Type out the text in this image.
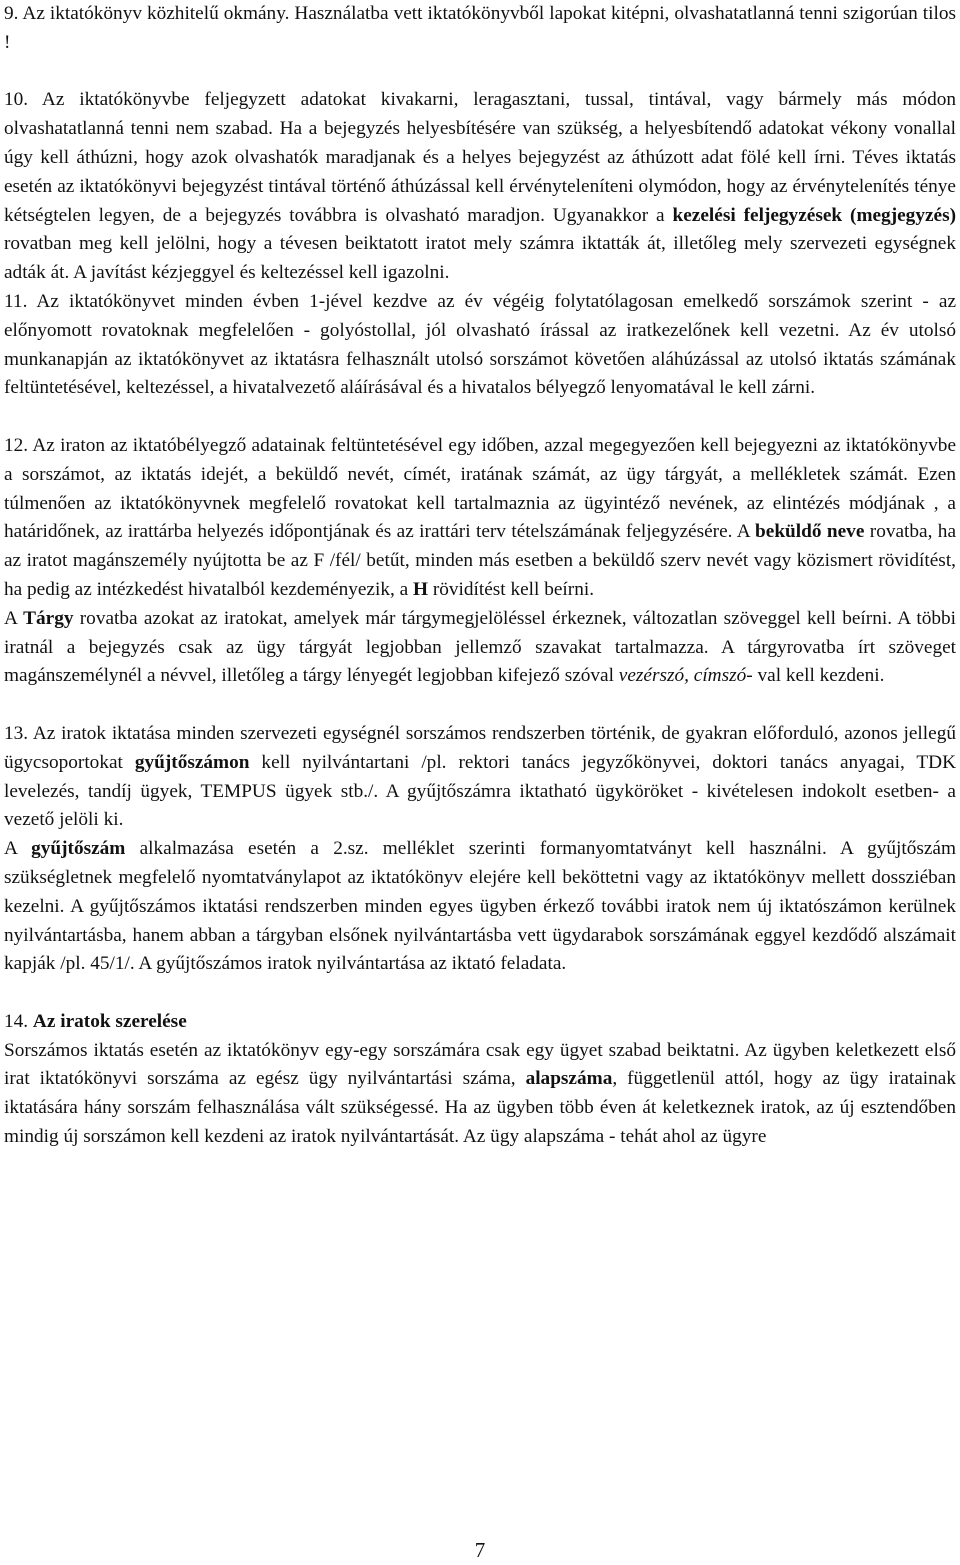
9. Az iktatókönyv közhitelű okmány. Használatba vett iktatókönyvből lapokat kitépni, olvashatatlanná tenni szigorúan tilos !

10. Az iktatókönyvbe feljegyzett adatokat kivakarni, leragasztani, tussal, tintával, vagy bármely más módon olvashatatlanná tenni nem szabad. Ha a bejegyzés helyesbítésére van szükség, a helyesbítendő adatokat vékony vonallal úgy kell áthúzni, hogy azok olvashatók maradjanak és a helyes bejegyzést az áthúzott adat fölé kell írni. Téves iktatás esetén az iktatókönyvi bejegyzést tintával történő áthúzással kell érvényteleníteni olymódon, hogy az érvénytelenítés ténye kétségtelen legyen, de a bejegyzés továbbra is olvasható maradjon. Ugyanakkor a kezelési feljegyzések (megjegyzés) rovatban meg kell jelölni, hogy a tévesen beiktatott iratot mely számra iktatták át, illetőleg mely szervezeti egységnek adták át. A javítást kézjeggyel és keltezéssel kell igazolni.

11. Az iktatókönyvet minden évben 1-jével kezdve az év végéig folytatólagosan emelkedő sorszámok szerint - az előnyomott rovatoknak megfelelően - golyóstollal, jól olvasható írással az iratkezelőnek kell vezetni. Az év utolsó munkanapján az iktatókönyvet az iktatásra felhasznált utolsó sorszámot követően aláhúzással az utolsó iktatás számának feltüntetésével, keltezéssel, a hivatalvezető aláírásával és a hivatalos bélyegző lenyomatával le kell zárni.

12. Az iraton az iktatóbélyegző adatainak feltüntetésével egy időben, azzal megegyezően kell bejegyezni az iktatókönyvbe a sorszámot, az iktatás idejét, a beküldő nevét, címét, iratának számát, az ügy tárgyát, a mellékletek számát. Ezen túlmenően az iktatókönyvnek megfelelő rovatokat kell tartalmaznia az ügyintéző nevének, az elintézés módjának , a határidőnek, az irattárba helyezés időpontjának és az irattári terv tételszámának feljegyzésére. A beküldő neve rovatba, ha az iratot magánszemély nyújtotta be az F /fél/ betűt, minden más esetben a beküldő szerv nevét vagy közismert rövidítést, ha pedig az intézkedést hivatalból kezdeményezik, a H rövidítést kell beírni.

A Tárgy rovatba azokat az iratokat, amelyek már tárgymegjelöléssel érkeznek, változatlan szöveggel kell beírni. A többi iratnál a bejegyzés csak az ügy tárgyát legjobban jellemző szavakat tartalmazza. A tárgyrovatba írt szöveget magánszemélynél a névvel, illetőleg a tárgy lényegét legjobban kifejező szóval vezérszó, címszó- val kell kezdeni.

13. Az iratok iktatása minden szervezeti egységnél sorszámos rendszerben történik, de gyakran előforduló, azonos jellegű ügycsoportokat gyűjtőszámon kell nyilvántartani /pl. rektori tanács jegyzőkönyvei, doktori tanács anyagai, TDK levelezés, tandíj ügyek, TEMPUS ügyek stb./. A gyűjtőszámra iktatható ügyköröket - kivételesen indokolt esetben- a vezető jelöli ki.

A gyűjtőszám alkalmazása esetén a 2.sz. melléklet szerinti formanyomtatványt kell használni. A gyűjtőszám szükségletnek megfelelő nyomtatványlapot az iktatókönyv elejére kell beköttetni vagy az iktatókönyv mellett dossziéban kezelni. A gyűjtőszámos iktatási rendszerben minden egyes ügyben érkező további iratok nem új iktatószámon kerülnek nyilvántartásba, hanem abban a tárgyban elsőnek nyilvántartásba vett ügydarabok sorszámának eggyel kezdődő alszámait kapják /pl. 45/1/. A gyűjtőszámos iratok nyilvántartása az iktató feladata.

14. Az iratok szerelése

Sorszámos iktatás esetén az iktatókönyv egy-egy sorszámára csak egy ügyet szabad beiktatni. Az ügyben keletkezett első irat iktatókönyvi sorszáma az egész ügy nyilvántartási száma, alapszáma, függetlenül attól, hogy az ügy iratainak iktatására hány sorszám felhasználása vált szükségessé. Ha az ügyben több éven át keletkeznek iratok, az új esztendőben mindig új sorszámon kell kezdeni az iratok nyilvántartását. Az ügy alapszáma - tehát ahol az ügyre

7
